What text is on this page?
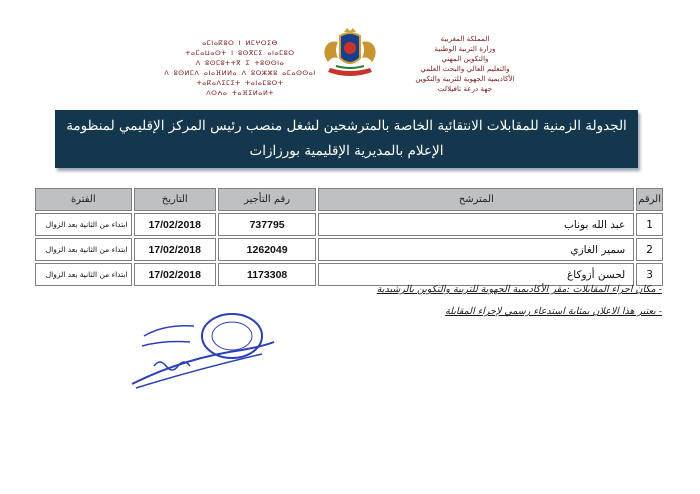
المملكة المغربية
وزارة التربية الوطنية
والتكوين المهني
والتعليم العالي والبحث العلمي
الأكاديمية الجهوية للتربية والتكوين
جهة درعة تافيلالت
ⴰⵎⵏⴰⴽⵓⵔ ⵏ ⵍⵎⵖⵔⵉⴱ
ⵜⴰⵎⴰⵡⴰⵙⵜ ⵏ ⵓⵙⴳⵎⵉ ⴰⵏⴰⵎⵓⵔ
ⴷ ⵓⵙⵎⵓⵜⵜⴳ ⵉ ⵜⵓⵙⵙⵏⴰ
ⴷ ⵓⵙⵍⵎⴷ ⴰⵏⴰⴼⵍⵍⴰ ⴷ ⵓⵔⵣⵣⵓ ⴰⵎⴰⵙⵙⴰⵏ
ⵜⴰⴽⴰⴷⵉⵎⵉⵜ ⵜⴰⵏⴰⵎⵓⵔⵜ
ⴷⵔⵄⴰ ⵜⴰⴼⵉⵍⴰⵍⵜ
الجدولة الزمنية للمقابلات الانتقائية الخاصة بالمترشحين لشغل منصب رئيس المركز الإقليمي لمنظومة
الإعلام بالمديرية الإقليمية بورزازات
الرقم	المترشح	رقم التأجير	التاريخ	الفترة
1	عبد الله بوناب	737795	17/02/2018	ابتداء من الثانية بعد الزوال
2	سمير الغازي	1262049	17/02/2018	ابتداء من الثانية بعد الزوال
3	لحسن أزوكاغ	1173308	17/02/2018	ابتداء من الثانية بعد الزوال
- مكان اجراء المقابلات :مقر الأكاديمية الجهوية للتربية والتكوين بالرشيدية
- يعتبر هذا الاعلان بمثابة استدعاء رسمي لإجراء المقابلة
